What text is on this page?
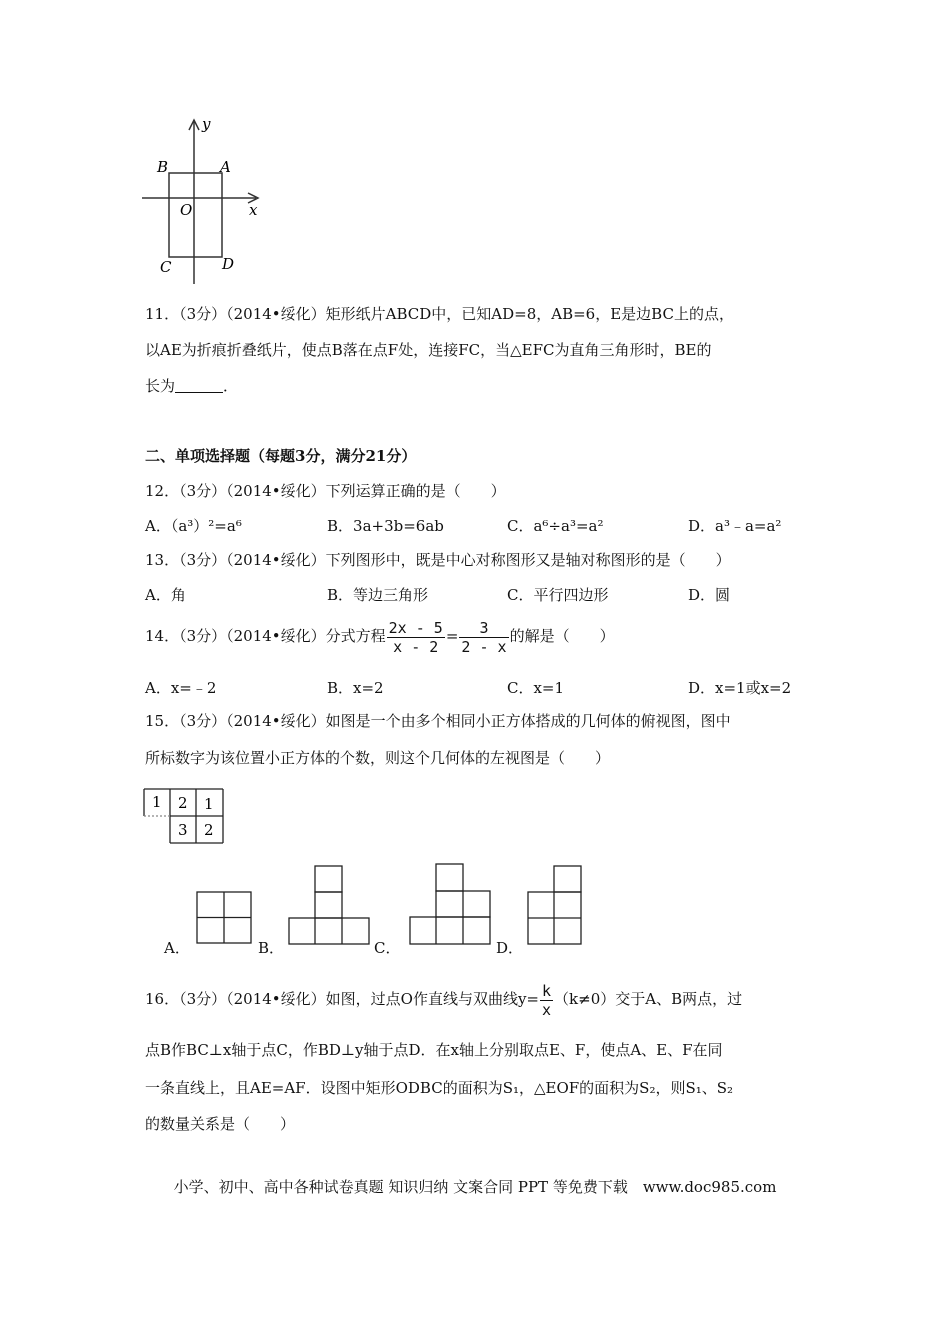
y
x
B	A
O
C	D
11．（3分）（2014•绥化）矩形纸片ABCD中，已知AD=8，AB=6，E是边BC上的点，
以AE为折痕折叠纸片，使点B落在点F处，连接FC，当△EFC为直角三角形时，BE的
长为	．
二、单项选择题（每题3分，满分21分）
12．（3分）（2014•绥化）下列运算正确的是（　　）
A．（a³）²=a⁶	B．3a+3b=6ab	C．a⁶÷a³=a²	D．a³﹣a=a²
13．（3分）（2014•绥化）下列图形中，既是中心对称图形又是轴对称图形的是（　　）
A．角	B．等边三角形	C．平行四边形	D．圆
14．（3分）（2014•绥化）分式方程 $\frac{2x - 5}{x - 2} = \frac{3}{2 - x}$ 的解是（　　）
A．x=﹣2	B．x=2	C．x=1	D．x=1或x=2
15．（3分）（2014•绥化）如图是一个由多个相同小正方体搭成的几何体的俯视图，图中
所标数字为该位置小正方体的个数，则这个几何体的左视图是（　　）
1 2 1
3 2
A．	B．	C．	D．
16．（3分）（2014•绥化）如图，过点O作直线与双曲线$y= \frac{k}{x} (k\ne 0)$交于A、B两点，过
点B作BC⊥x轴于点C，作BD⊥y轴于点D．在x轴上分别取点E、F，使点A、E、F在同
一条直线上，且AE=AF．设图中矩形ODBC的面积为S₁，△EOF的面积为S₂，则S₁、S₂
的数量关系是（　　）
小学、初中、高中各种试卷真题 知识归纳 文案合同 PPT 等免费下载　www.doc985.com
